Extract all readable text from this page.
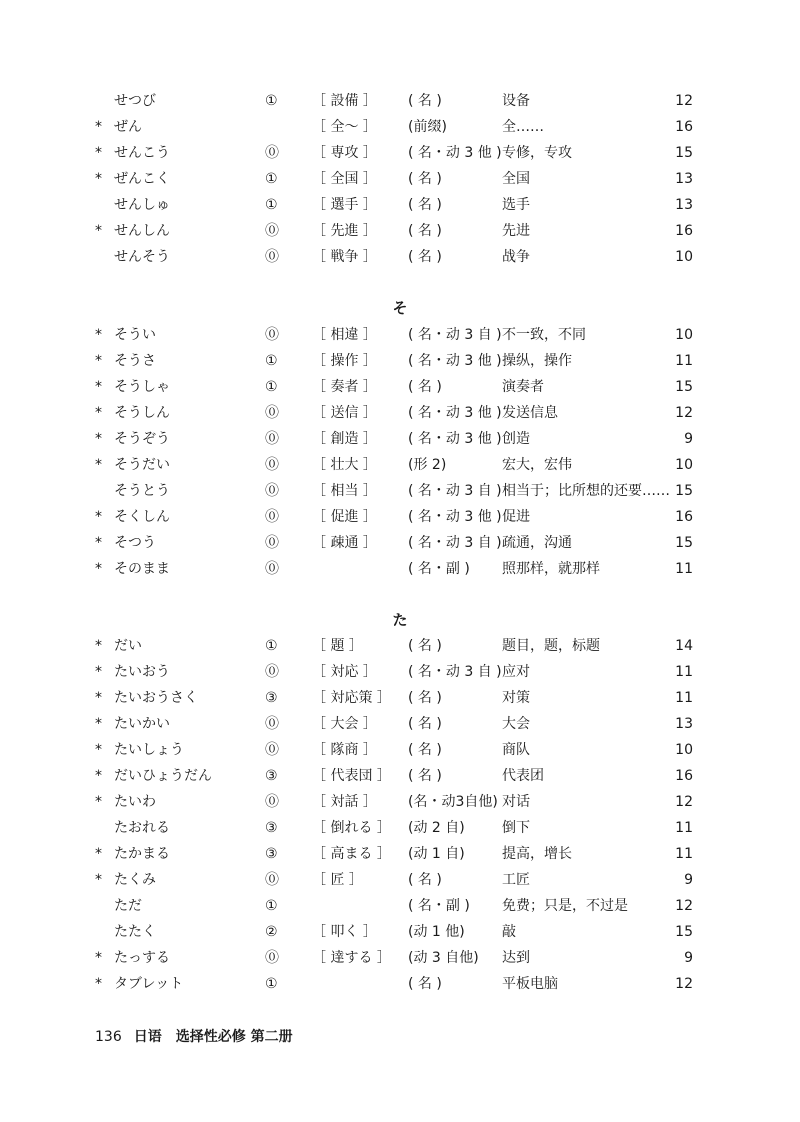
せつび	① ［ 設備 ］ ( 名 )	设备	12
* ぜん	［ 全～ ］ (前缀)	全……	16
* せんこう	⓪ ［ 専攻 ］ ( 名・动 3 他 ) 专修，专攻	15
* ぜんこく	① ［ 全国 ］ ( 名 )	全国	13
せんしゅ	① ［ 選手 ］ ( 名 )	选手	13
* せんしん	⓪ ［ 先進 ］ ( 名 )	先进	16
せんそう	⓪ ［ 戦争 ］ ( 名 )	战争	10
そ
* そうい	⓪ ［ 相違 ］ ( 名・动 3 自 ) 不一致，不同	10
* そうさ	① ［ 操作 ］ ( 名・动 3 他 ) 操纵，操作	11
* そうしゃ	① ［ 奏者 ］ ( 名 )	演奏者	15
* そうしん	⓪ ［ 送信 ］ ( 名・动 3 他 ) 发送信息	12
* そうぞう	⓪ ［ 創造 ］ ( 名・动 3 他 ) 创造	9
* そうだい	⓪ ［ 壮大 ］ (形 2)	宏大，宏伟	10
そうとう	⓪ ［ 相当 ］ ( 名・动 3 自 ) 相当于；比所想的还要…… 15
* そくしん	⓪ ［ 促進 ］ ( 名・动 3 他 ) 促进	16
* そつう	⓪ ［ 疎通 ］ ( 名・动 3 自 ) 疏通，沟通	15
* そのまま	⓪	( 名・副 ) 照那样，就那样	11
た
* だい	① ［ 題 ］	( 名 )	题目，题，标题	14
* たいおう	⓪ ［ 対応 ］ ( 名・动 3 自 ) 应对	11
* たいおうさく	③ ［ 対応策 ］ ( 名 )	对策	11
* たいかい	⓪ ［ 大会 ］ ( 名 )	大会	13
* たいしょう	⓪ ［ 隊商 ］ ( 名 )	商队	10
* だいひょうだん	③ ［ 代表団 ］ ( 名 )	代表团	16
* たいわ	⓪ ［ 対話 ］ (名・动3自他) 对话	12
たおれる	③ ［ 倒れる ］ (动 2 自)	倒下	11
* たかまる	③ ［ 高まる ］ (动 1 自)	提高，增长	11
* たくみ	⓪ ［ 匠 ］	( 名 )	工匠	9
ただ	①	( 名・副 ) 免费；只是，不过是	12
たたく	② ［ 叩く ］ (动 1 他)	敲	15
* たっする	⓪ ［ 達する ］ (动 3 自他) 达到	9
* タブレット	①	( 名 )	平板电脑	12
136 日语　选择性必修 第二册
